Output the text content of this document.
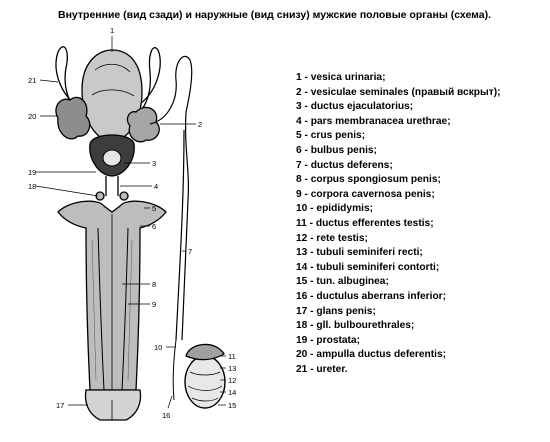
Внутренние (вид сзади) и наружные (вид снизу) мужские половые органы (схема).
1
21
20
2
3
19
18	4
5
6
7
8
9
10
11
13
12
14
15
16
17
1 - vesica urinaria;
2 - vesiculae seminales (правый вскрыт);
3 - ductus ejaculatorius;
4 - pars membranacea urethrae;
5 - crus penis;
6 - bulbus penis;
7 - ductus deferens;
8 - corpus spongiosum penis;
9 - corpora cavernosa penis;
10 - epididymis;
11 - ductus efferentes testis;
12 - rete testis;
13 - tubuli seminiferi recti;
14 - tubuli seminiferi contorti;
15 - tun. albuginea;
16 - ductulus aberrans inferior;
17 - glans penis;
18 - gll. bulbourethrales;
19 - prostata;
20 - ampulla ductus deferentis;
21 - ureter.
